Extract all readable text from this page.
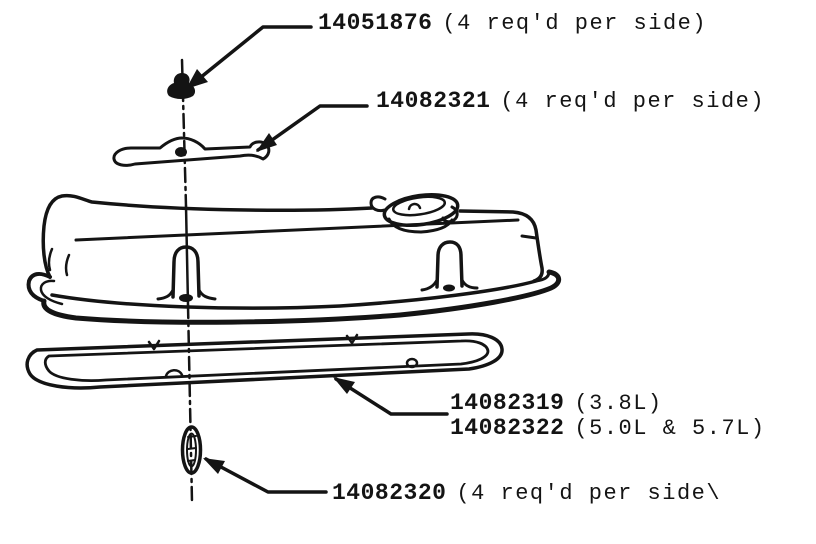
14051876 (4 req'd per side)
14082321 (4 req'd per side)
14082319 (3.8L)
14082322 (5.0L & 5.7L)
14082320 (4 req'd per side\
